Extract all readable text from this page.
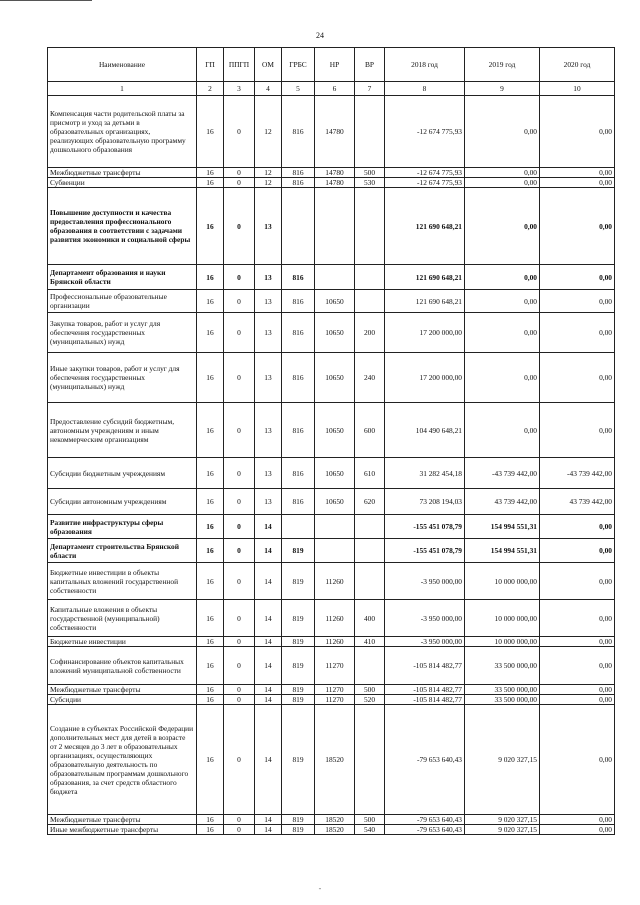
24
Наименование	ГП	ППГП	ОМ	ГРБС	НР	ВР	2018 год	2019 год	2020 год
1	2	3	4	5	6	7	8	9	10
Компенсация части родительской платы за присмотр и уход за детьми в образовательных организациях, реализующих образовательную программу дошкольного образования	16	0	12	816	14780		-12 674 775,93	0,00	0,00
Межбюджетные трансферты	16	0	12	816	14780	500	-12 674 775,93	0,00	0,00
Субвенции	16	0	12	816	14780	530	-12 674 775,93	0,00	0,00
Повышение доступности и качества предоставления профессионального образования в соответствии с задачами развития экономики и социальной сферы	16	0	13				121 690 648,21	0,00	0,00
Департамент образования и науки Брянской области	16	0	13	816			121 690 648,21	0,00	0,00
Профессиональные образовательные организации	16	0	13	816	10650		121 690 648,21	0,00	0,00
Закупка товаров, работ и услуг для обеспечения государственных (муниципальных) нужд	16	0	13	816	10650	200	17 200 000,00	0,00	0,00
Иные закупки товаров, работ и услуг для обеспечения государственных (муниципальных) нужд	16	0	13	816	10650	240	17 200 000,00	0,00	0,00
Предоставление субсидий бюджетным, автономным учреждениям и иным некоммерческим организациям	16	0	13	816	10650	600	104 490 648,21	0,00	0,00
Субсидии бюджетным учреждениям	16	0	13	816	10650	610	31 282 454,18	-43 739 442,00	-43 739 442,00
Субсидии автономным учреждениям	16	0	13	816	10650	620	73 208 194,03	43 739 442,00	43 739 442,00
Развитие инфраструктуры сферы образования	16	0	14				-155 451 078,79	154 994 551,31	0,00
Департамент строительства Брянской области	16	0	14	819			-155 451 078,79	154 994 551,31	0,00
Бюджетные инвестиции в объекты капитальных вложений государственной собственности	16	0	14	819	11260		-3 950 000,00	10 000 000,00	0,00
Капитальные вложения в объекты государственной (муниципальной) собственности	16	0	14	819	11260	400	-3 950 000,00	10 000 000,00	0,00
Бюджетные инвестиции	16	0	14	819	11260	410	-3 950 000,00	10 000 000,00	0,00
Софинансирование объектов капитальных вложений муниципальной собственности	16	0	14	819	11270		-105 814 482,77	33 500 000,00	0,00
Межбюджетные трансферты	16	0	14	819	11270	500	-105 814 482,77	33 500 000,00	0,00
Субсидии	16	0	14	819	11270	520	-105 814 482,77	33 500 000,00	0,00
Создание в субъектах Российской Федерации дополнительных мест для детей в возрасте от 2 месяцев до 3 лет в образовательных организациях, осуществляющих образовательную деятельность по образовательным программам дошкольного образования, за счет средств областного бюджета	16	0	14	819	18520		-79 653 640,43	9 020 327,15	0,00
Межбюджетные трансферты	16	0	14	819	18520	500	-79 653 640,43	9 020 327,15	0,00
Иные межбюджетные трансферты	16	0	14	819	18520	540	-79 653 640,43	9 020 327,15	0,00
-
